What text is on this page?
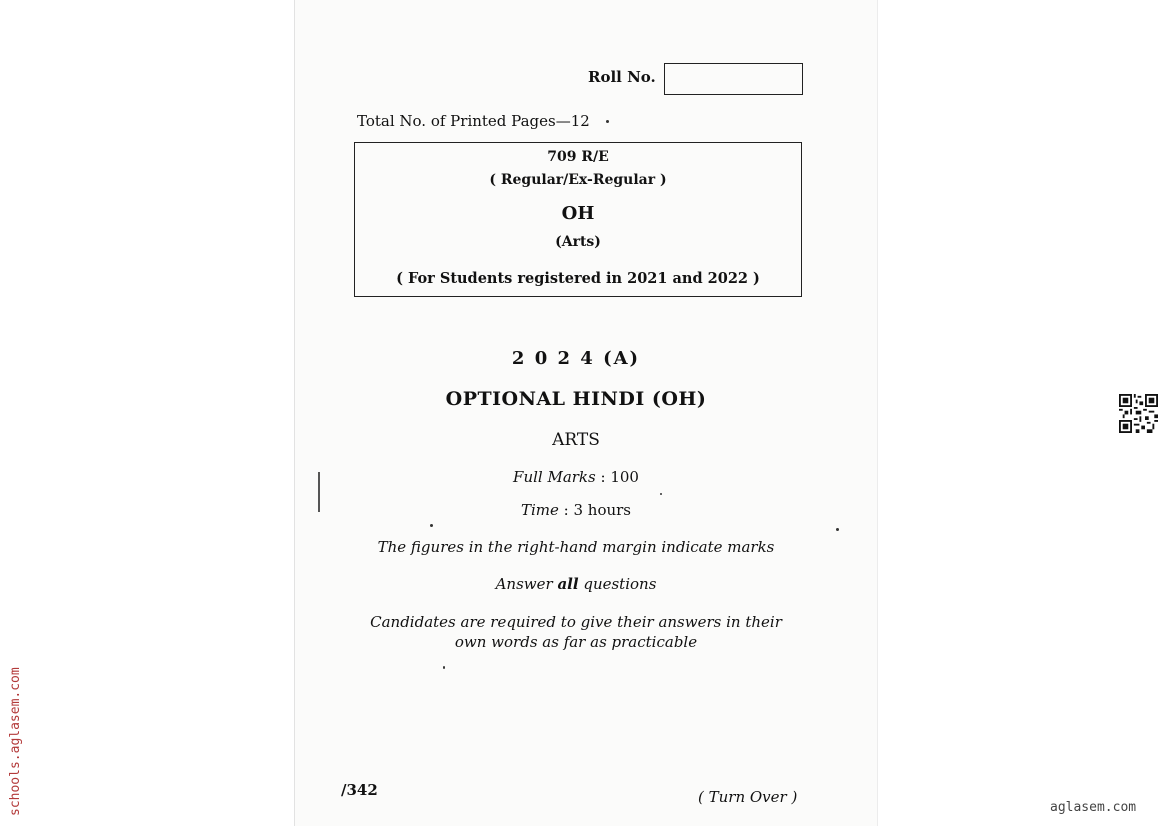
Roll No.
Total No. of Printed Pages—12
709 R/E
( Regular/Ex-Regular )
OH
(Arts)
( For Students registered in 2021 and 2022 )
2 0 2 4 (A)
OPTIONAL HINDI (OH)
ARTS
Full Marks : 100
Time : 3 hours
The figures in the right-hand margin indicate marks
Answer all questions
Candidates are required to give their answers in their
own words as far as practicable
/342	( Turn Over )
schools.aglasem.com	aglasem.com
